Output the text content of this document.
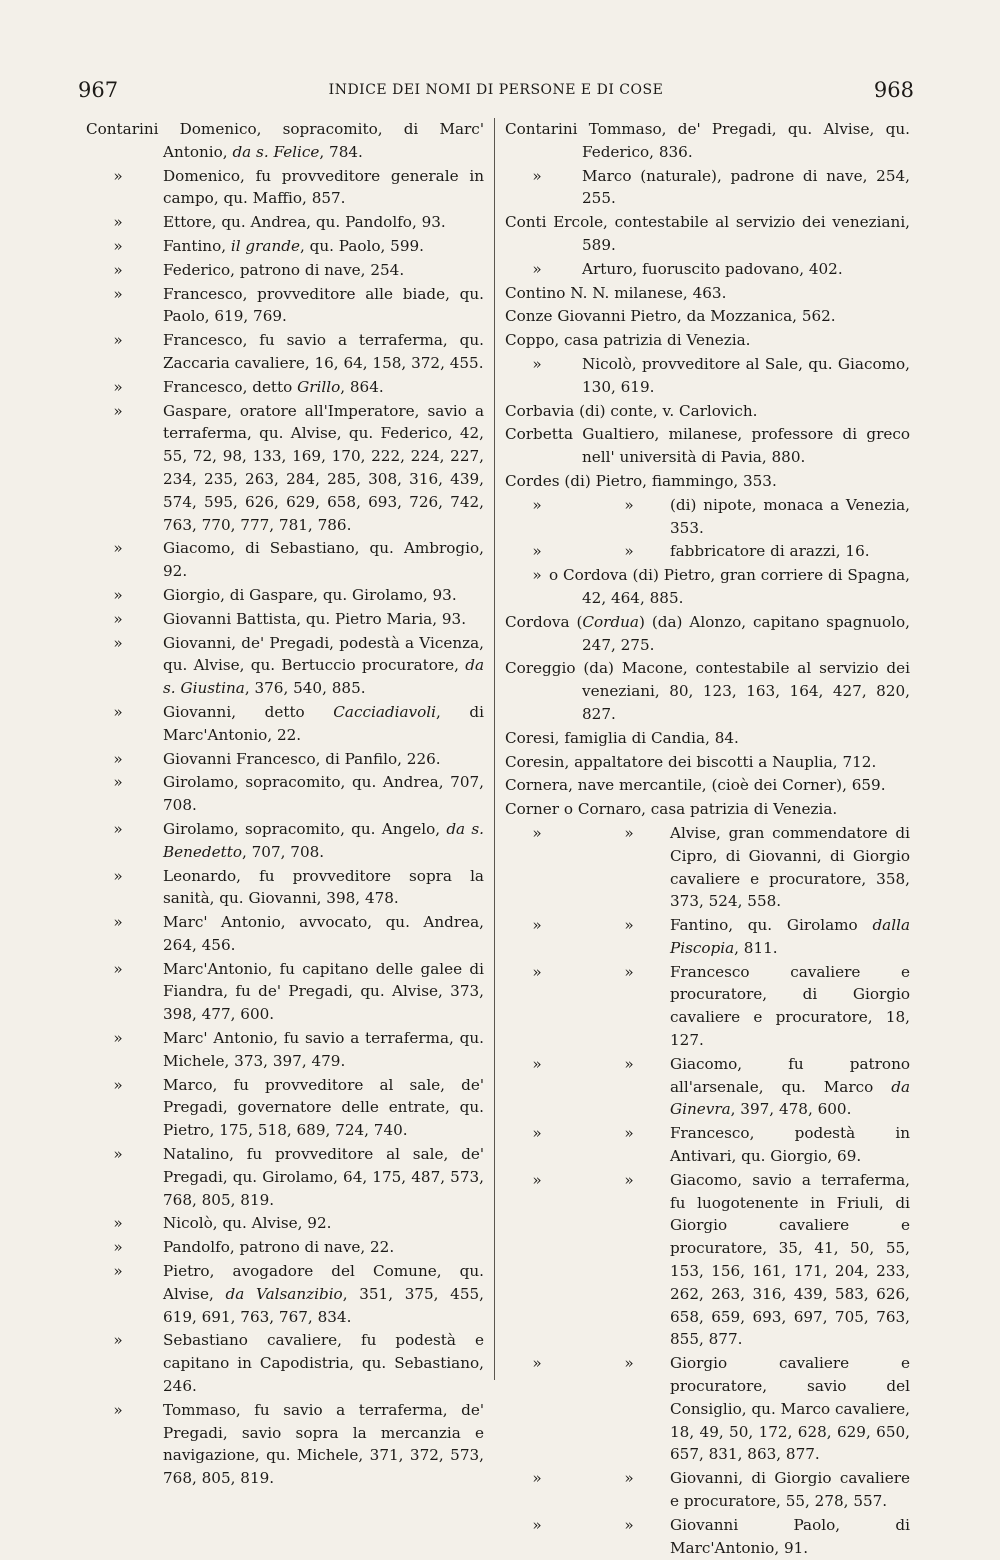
967	INDICE DEI NOMI DI PERSONE E DI COSE	968
Contarini Domenico, sopracomito, di Marc' Antonio, da s. Felice, 784.
»	Domenico, fu provveditore generale in campo, qu. Maffio, 857.
»	Ettore, qu. Andrea, qu. Pandolfo, 93.
»	Fantino, il grande, qu. Paolo, 599.
»	Federico, patrono di nave, 254.
»	Francesco, provveditore alle biade, qu. Paolo, 619, 769.
»	Francesco, fu savio a terraferma, qu. Zaccaria cavaliere, 16, 64, 158, 372, 455.
»	Francesco, detto Grillo, 864.
»	Gaspare, oratore all'Imperatore, savio a terraferma, qu. Alvise, qu. Federico, 42, 55, 72, 98, 133, 169, 170, 222, 224, 227, 234, 235, 263, 284, 285, 308, 316, 439, 574, 595, 626, 629, 658, 693, 726, 742, 763, 770, 777, 781, 786.
»	Giacomo, di Sebastiano, qu. Ambrogio, 92.
»	Giorgio, di Gaspare, qu. Girolamo, 93.
»	Giovanni Battista, qu. Pietro Maria, 93.
»	Giovanni, de' Pregadi, podestà a Vicenza, qu. Alvise, qu. Bertuccio procuratore, da s. Giustina, 376, 540, 885.
»	Giovanni, detto Cacciadiavoli, di Marc'Antonio, 22.
»	Giovanni Francesco, di Panfilo, 226.
»	Girolamo, sopracomito, qu. Andrea, 707, 708.
»	Girolamo, sopracomito, qu. Angelo, da s. Benedetto, 707, 708.
»	Leonardo, fu provveditore sopra la sanità, qu. Giovanni, 398, 478.
»	Marc' Antonio, avvocato, qu. Andrea, 264, 456.
»	Marc'Antonio, fu capitano delle galee di Fiandra, fu de' Pregadi, qu. Alvise, 373, 398, 477, 600.
»	Marc' Antonio, fu savio a terraferma, qu. Michele, 373, 397, 479.
»	Marco, fu provveditore al sale, de' Pregadi, governatore delle entrate, qu. Pietro, 175, 518, 689, 724, 740.
»	Natalino, fu provveditore al sale, de' Pregadi, qu. Girolamo, 64, 175, 487, 573, 768, 805, 819.
»	Nicolò, qu. Alvise, 92.
»	Pandolfo, patrono di nave, 22.
»	Pietro, avogadore del Comune, qu. Alvise, da Valsanzibio, 351, 375, 455, 619, 691, 763, 767, 834.
»	Sebastiano cavaliere, fu podestà e capitano in Capodistria, qu. Sebastiano, 246.
»	Tommaso, fu savio a terraferma, de' Pregadi, savio sopra la mercanzia e navigazione, qu. Michele, 371, 372, 573, 768, 805, 819.
Contarini Tommaso, de' Pregadi, qu. Alvise, qu. Federico, 836.
»	Marco (naturale), padrone di nave, 254, 255.
Conti Ercole, contestabile al servizio dei veneziani, 589.
»	Arturo, fuoruscito padovano, 402.
Contino N. N. milanese, 463.
Conze Giovanni Pietro, da Mozzanica, 562.
Coppo, casa patrizia di Venezia.
»	Nicolò, provveditore al Sale, qu. Giacomo, 130, 619.
Corbavia (di) conte, v. Carlovich.
Corbetta Gualtiero, milanese, professore di greco nell' università di Pavia, 880.
Cordes (di) Pietro, fiammingo, 353.
»	» (di) nipote, monaca a Venezia, 353.
»	» fabbricatore di arazzi, 16.
» o Cordova (di) Pietro, gran corriere di Spagna, 42, 464, 885.
Cordova (Cordua) (da) Alonzo, capitano spagnuolo, 247, 275.
Coreggio (da) Macone, contestabile al servizio dei veneziani, 80, 123, 163, 164, 427, 820, 827.
Coresi, famiglia di Candia, 84.
Coresin, appaltatore dei biscotti a Nauplia, 712.
Cornera, nave mercantile, (cioè dei Corner), 659.
Corner o Cornaro, casa patrizia di Venezia.
»	» Alvise, gran commendatore di Cipro, di Giovanni, di Giorgio cavaliere e procuratore, 358, 373, 524, 558.
»	» Fantino, qu. Girolamo dalla Piscopia, 811.
»	» Francesco cavaliere e procuratore, di Giorgio cavaliere e procuratore, 18, 127.
»	» Giacomo, fu patrono all'arsenale, qu. Marco da Ginevra, 397, 478, 600.
»	» Francesco, podestà in Antivari, qu. Giorgio, 69.
»	» Giacomo, savio a terraferma, fu luogotenente in Friuli, di Giorgio cavaliere e procuratore, 35, 41, 50, 55, 153, 156, 161, 171, 204, 233, 262, 263, 316, 439, 583, 626, 658, 659, 693, 697, 705, 763, 855, 877.
»	» Giorgio cavaliere e procuratore, savio del Consiglio, qu. Marco cavaliere, 18, 49, 50, 172, 628, 629, 650, 657, 831, 863, 877.
»	» Giovanni, di Giorgio cavaliere e procuratore, 55, 278, 557.
»	» Giovanni Paolo, di Marc'Antonio, 91.
